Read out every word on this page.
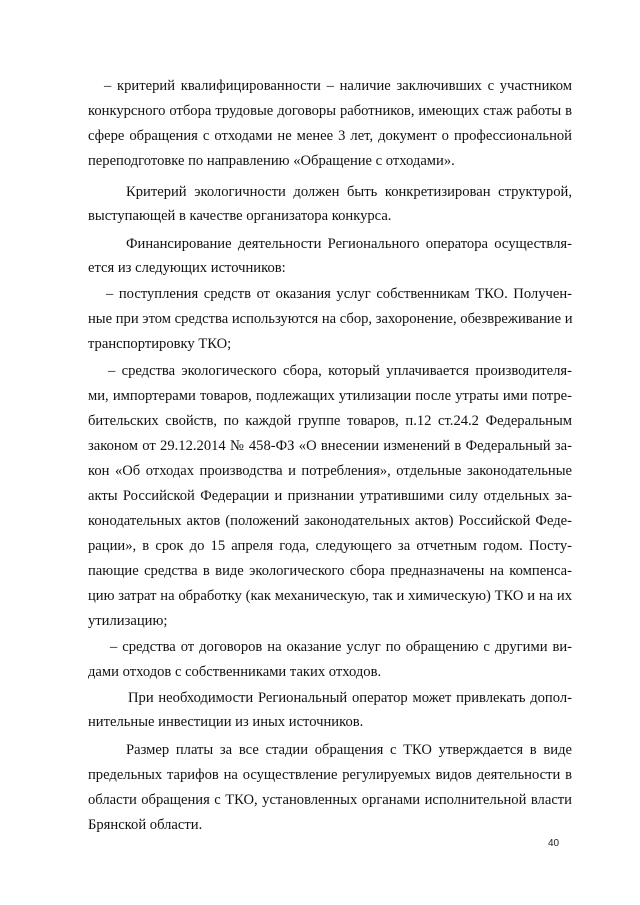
– критерий квалифицированности – наличие заключивших с участником
конкурсного отбора трудовые договоры работников, имеющих стаж работы в
сфере обращения с отходами не менее 3 лет, документ о профессиональной
переподготовке по направлению «Обращение с отходами».
Критерий экологичности должен быть конкретизирован структурой,
выступающей в качестве организатора конкурса.
Финансирование деятельности Регионального оператора осуществля-
ется из следующих источников:
– поступления средств от оказания услуг собственникам ТКО. Получен-
ные при этом средства используются на сбор, захоронение, обезвреживание и
транспортировку ТКО;
– средства экологического сбора, который уплачивается производителя-
ми, импортерами товаров, подлежащих утилизации после утраты ими потре-
бительских свойств, по каждой группе товаров, п.12 ст.24.2 Федеральным
законом от 29.12.2014 № 458-ФЗ «О внесении изменений в Федеральный за-
кон «Об отходах производства и потребления», отдельные законодательные
акты Российской Федерации и признании утратившими силу отдельных за-
конодательных актов (положений законодательных актов) Российской Феде-
рации», в срок до 15 апреля года, следующего за отчетным годом. Посту-
пающие средства в виде экологического сбора предназначены на компенса-
цию затрат на обработку (как механическую, так и химическую) ТКО и на их
утилизацию;
– средства от договоров на оказание услуг по обращению с другими ви-
дами отходов с собственниками таких отходов.
При необходимости Региональный оператор может привлекать допол-
нительные инвестиции из иных источников.
Размер платы за все стадии обращения с ТКО утверждается в виде
предельных тарифов на осуществление регулируемых видов деятельности в
области обращения с ТКО, установленных органами исполнительной власти
Брянской области.
40
